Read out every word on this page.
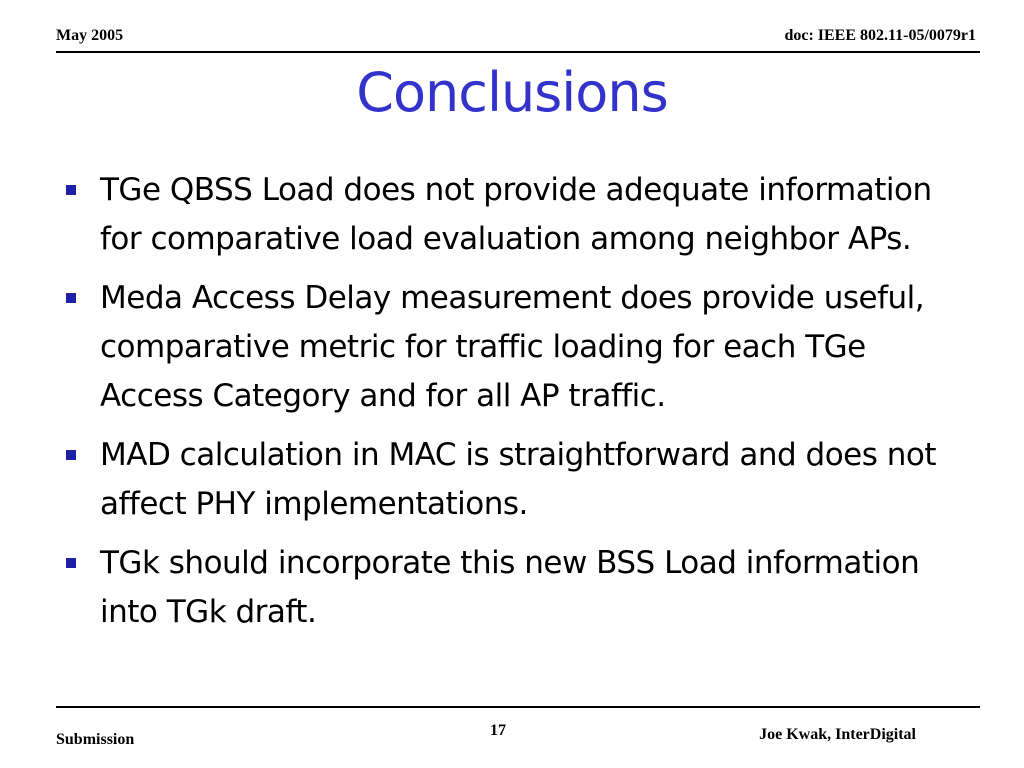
May 2005	doc: IEEE 802.11-05/0079r1
Conclusions
TGe QBSS Load does not provide adequate information for comparative load evaluation among neighbor APs.
Meda Access Delay measurement does provide useful, comparative metric for traffic loading for each TGe Access Category and for all AP traffic.
MAD calculation in MAC is straightforward and does not affect PHY implementations.
TGk should incorporate this new BSS Load information into TGk draft.
Submission
17	Joe Kwak, InterDigital
